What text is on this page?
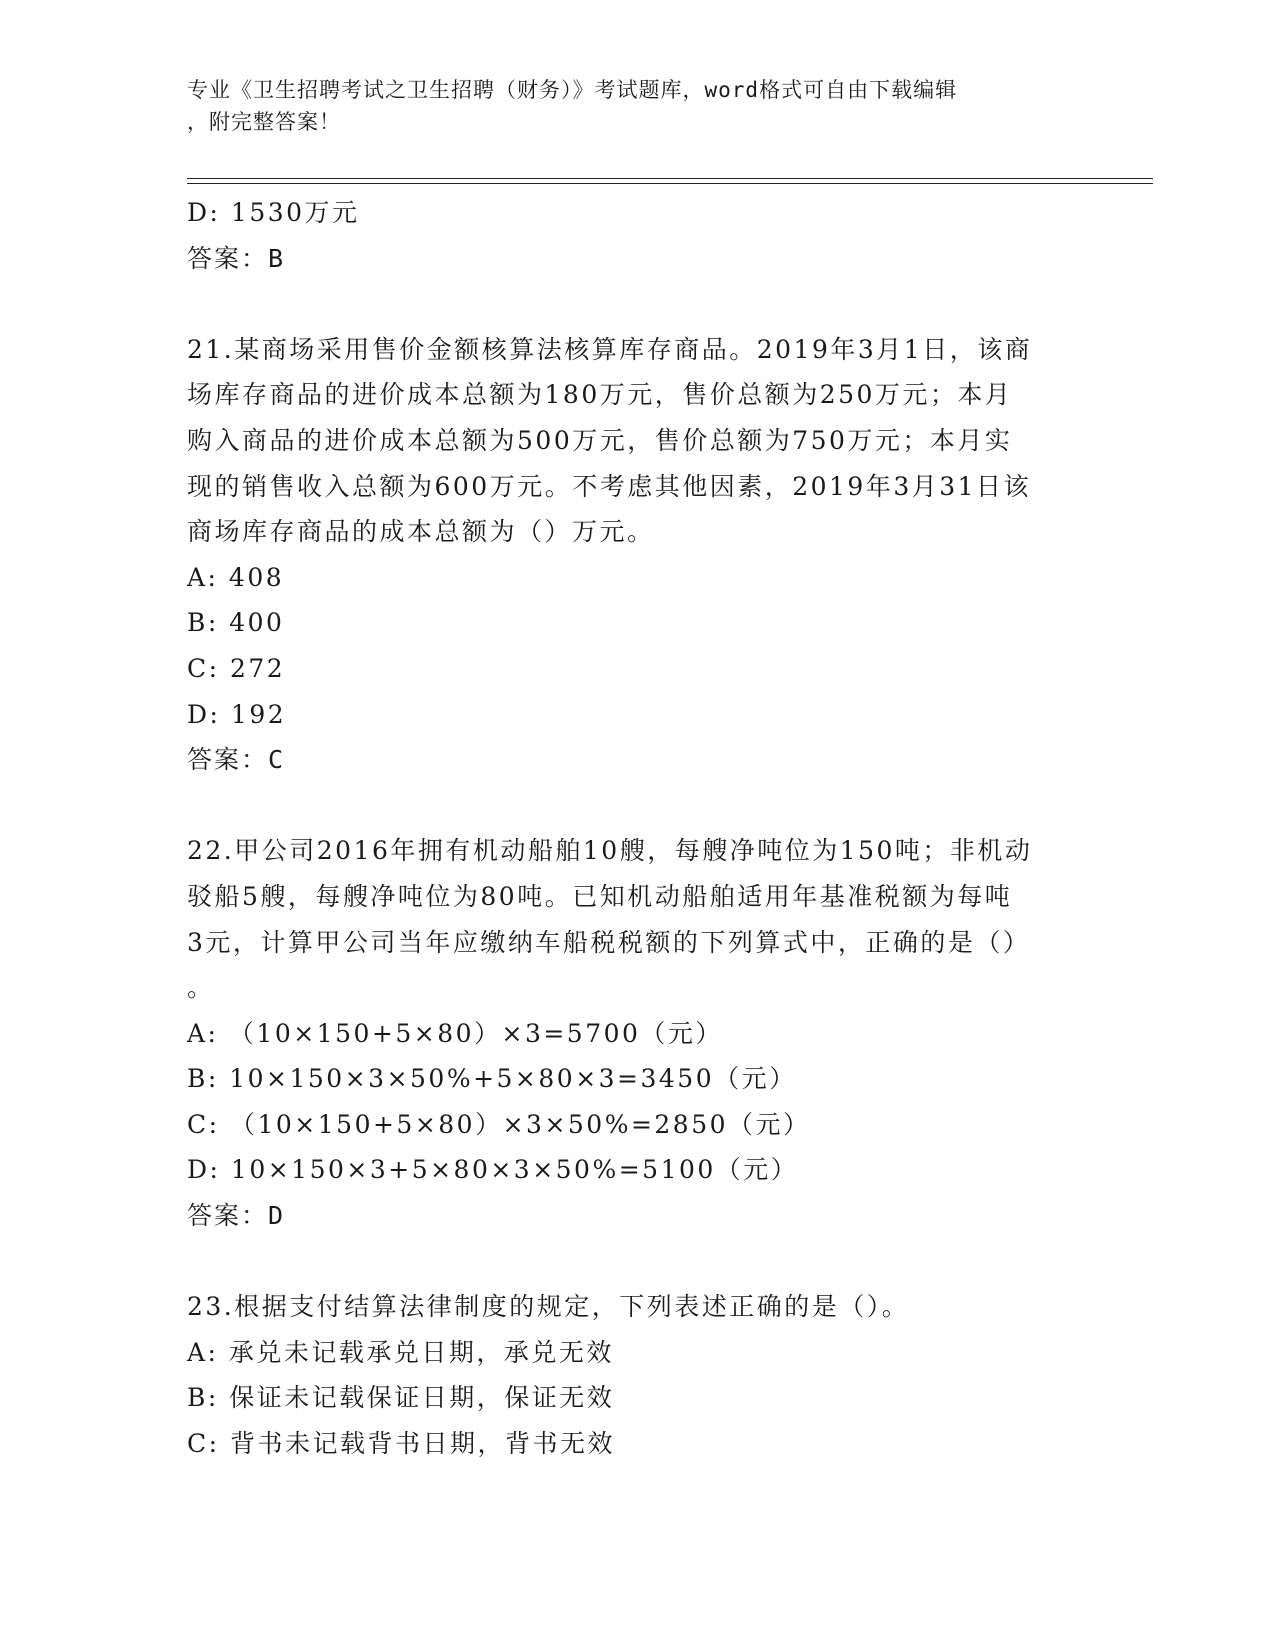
专业《卫生招聘考试之卫生招聘（财务）》考试题库，word格式可自由下载编辑
，附完整答案！
D: 1530万元
答案：B
21.某商场采用售价金额核算法核算库存商品。2019年3月1日，该商
场库存商品的进价成本总额为180万元，售价总额为250万元；本月
购入商品的进价成本总额为500万元，售价总额为750万元；本月实
现的销售收入总额为600万元。不考虑其他因素，2019年3月31日该
商场库存商品的成本总额为（）万元。
A: 408
B: 400
C: 272
D: 192
答案：C
22.甲公司2016年拥有机动船舶10艘，每艘净吨位为150吨；非机动
驳船5艘，每艘净吨位为80吨。已知机动船舶适用年基准税额为每吨
3元，计算甲公司当年应缴纳车船税税额的下列算式中，正确的是（）
。
A: （10×150+5×80）×3=5700（元）
B: 10×150×3×50%+5×80×3=3450（元）
C: （10×150+5×80）×3×50%=2850（元）
D: 10×150×3+5×80×3×50%=5100（元）
答案：D
23.根据支付结算法律制度的规定，下列表述正确的是（）。
A: 承兑未记载承兑日期，承兑无效
B: 保证未记载保证日期，保证无效
C: 背书未记载背书日期，背书无效
